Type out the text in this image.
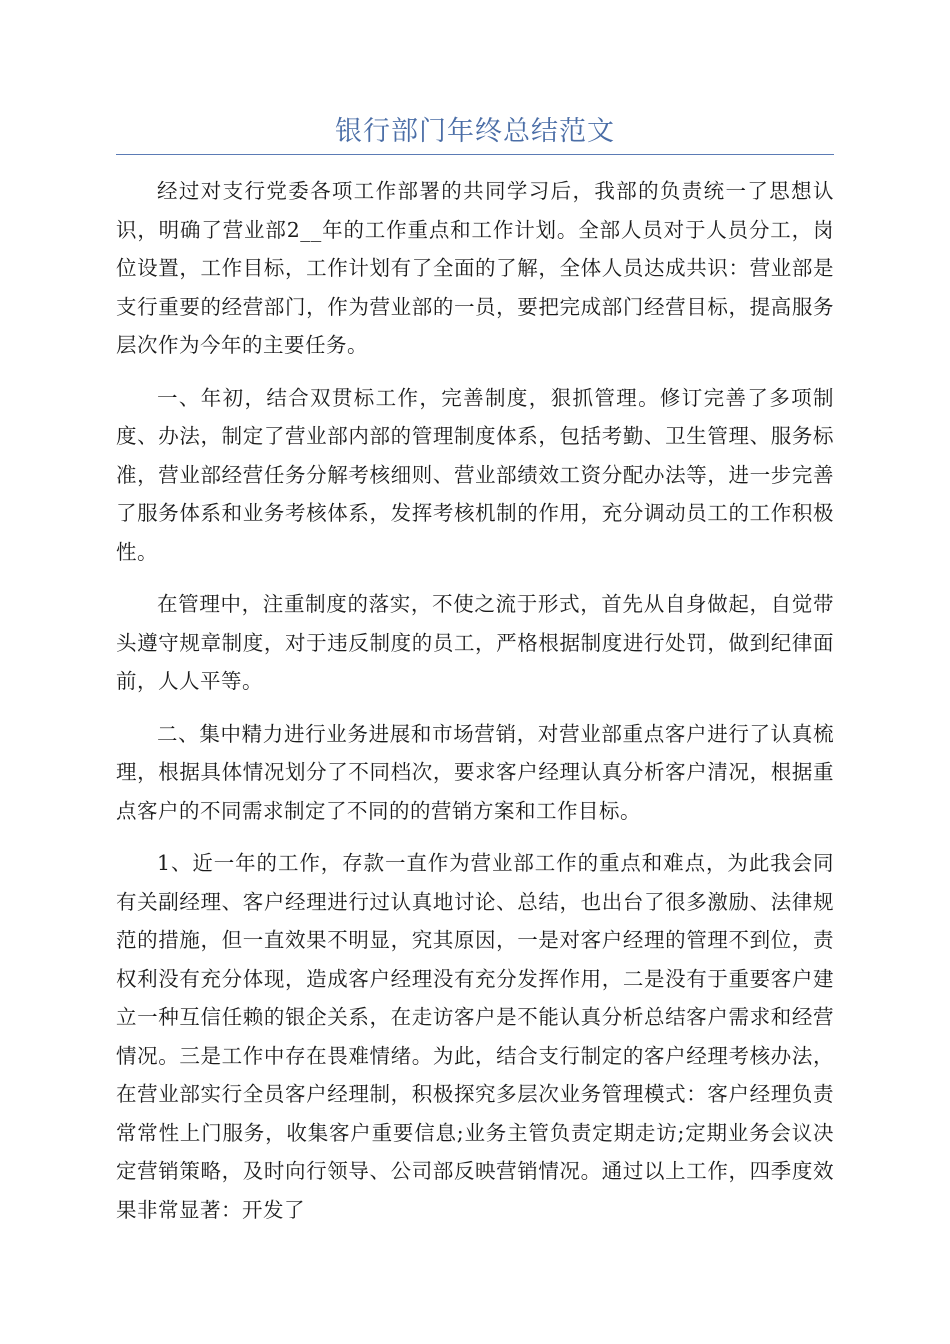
银行部门年终总结范文

经过对支行党委各项工作部署的共同学习后，我部的负责统一了思想认识，明确了营业部2__年的工作重点和工作计划。全部人员对于人员分工，岗位设置，工作目标，工作计划有了全面的了解，全体人员达成共识：营业部是支行重要的经营部门，作为营业部的一员，要把完成部门经营目标，提高服务层次作为今年的主要任务。

一、年初，结合双贯标工作，完善制度，狠抓管理。修订完善了多项制度、办法，制定了营业部内部的管理制度体系，包括考勤、卫生管理、服务标准，营业部经营任务分解考核细则、营业部绩效工资分配办法等，进一步完善了服务体系和业务考核体系，发挥考核机制的作用，充分调动员工的工作积极性。

在管理中，注重制度的落实，不使之流于形式，首先从自身做起，自觉带头遵守规章制度，对于违反制度的员工，严格根据制度进行处罚，做到纪律面前，人人平等。

二、集中精力进行业务进展和市场营销，对营业部重点客户进行了认真梳理，根据具体情况划分了不同档次，要求客户经理认真分析客户清况，根据重点客户的不同需求制定了不同的的营销方案和工作目标。

1、近一年的工作，存款一直作为营业部工作的重点和难点，为此我会同有关副经理、客户经理进行过认真地讨论、总结，也出台了很多激励、法律规范的措施，但一直效果不明显，究其原因，一是对客户经理的管理不到位，责权利没有充分体现，造成客户经理没有充分发挥作用，二是没有于重要客户建立一种互信任赖的银企关系，在走访客户是不能认真分析总结客户需求和经营情况。三是工作中存在畏难情绪。为此，结合支行制定的客户经理考核办法，在营业部实行全员客户经理制，积极探究多层次业务管理模式：客户经理负责常常性上门服务，收集客户重要信息;业务主管负责定期走访;定期业务会议决定营销策略，及时向行领导、公司部反映营销情况。通过以上工作，四季度效果非常显著：开发了
